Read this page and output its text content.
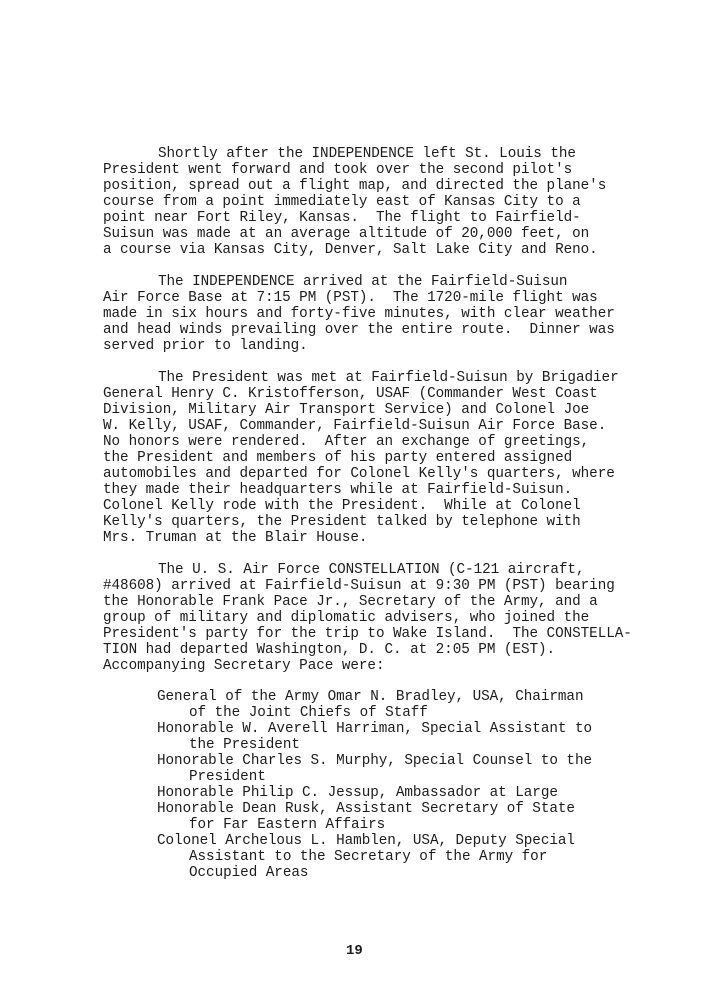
Shortly after the INDEPENDENCE left St. Louis the
President went forward and took over the second pilot's
position, spread out a flight map, and directed the plane's
course from a point immediately east of Kansas City to a
point near Fort Riley, Kansas.  The flight to Fairfield-
Suisun was made at an average altitude of 20,000 feet, on
a course via Kansas City, Denver, Salt Lake City and Reno.
The INDEPENDENCE arrived at the Fairfield-Suisun
Air Force Base at 7:15 PM (PST).  The 1720-mile flight was
made in six hours and forty-five minutes, with clear weather
and head winds prevailing over the entire route.  Dinner was
served prior to landing.
The President was met at Fairfield-Suisun by Brigadier
General Henry C. Kristofferson, USAF (Commander West Coast
Division, Military Air Transport Service) and Colonel Joe
W. Kelly, USAF, Commander, Fairfield-Suisun Air Force Base.
No honors were rendered.  After an exchange of greetings,
the President and members of his party entered assigned
automobiles and departed for Colonel Kelly's quarters, where
they made their headquarters while at Fairfield-Suisun.
Colonel Kelly rode with the President.  While at Colonel
Kelly's quarters, the President talked by telephone with
Mrs. Truman at the Blair House.
The U. S. Air Force CONSTELLATION (C-121 aircraft,
#48608) arrived at Fairfield-Suisun at 9:30 PM (PST) bearing
the Honorable Frank Pace Jr., Secretary of the Army, and a
group of military and diplomatic advisers, who joined the
President's party for the trip to Wake Island.  The CONSTELLA-
TION had departed Washington, D. C. at 2:05 PM (EST).
Accompanying Secretary Pace were:
General of the Army Omar N. Bradley, USA, Chairman
of the Joint Chiefs of Staff
Honorable W. Averell Harriman, Special Assistant to
the President
Honorable Charles S. Murphy, Special Counsel to the
President
Honorable Philip C. Jessup, Ambassador at Large
Honorable Dean Rusk, Assistant Secretary of State
for Far Eastern Affairs
Colonel Archelous L. Hamblen, USA, Deputy Special
Assistant to the Secretary of the Army for
Occupied Areas
19
